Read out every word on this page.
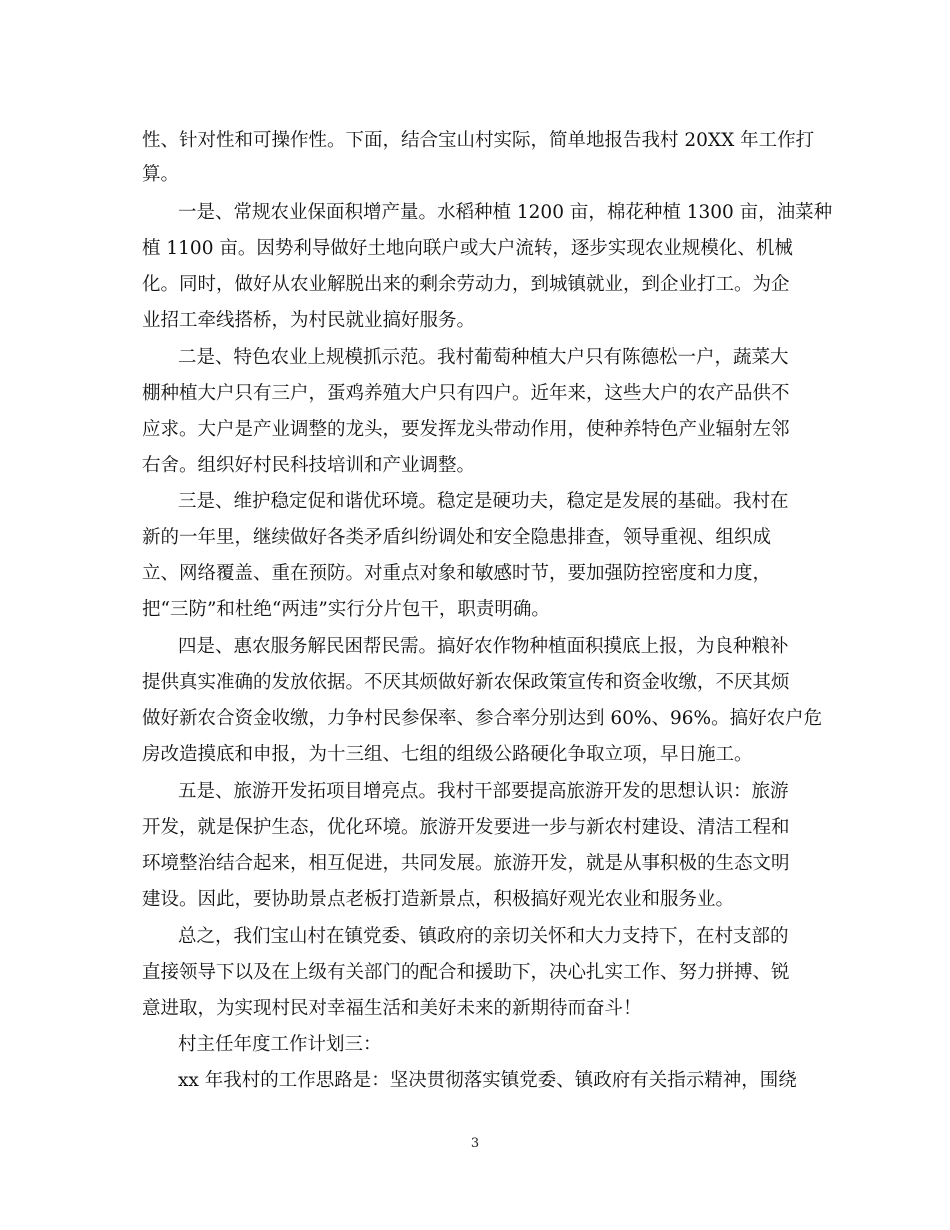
性、针对性和可操作性。下面，结合宝山村实际，简单地报告我村 20XX 年工作打
算。
一是、常规农业保面积增产量。水稻种植 1200 亩，棉花种植 1300 亩，油菜种
植 1100 亩。因势利导做好土地向联户或大户流转，逐步实现农业规模化、机械
化。同时，做好从农业解脱出来的剩余劳动力，到城镇就业，到企业打工。为企
业招工牵线搭桥，为村民就业搞好服务。
二是、特色农业上规模抓示范。我村葡萄种植大户只有陈德松一户，蔬菜大
棚种植大户只有三户，蛋鸡养殖大户只有四户。近年来，这些大户的农产品供不
应求。大户是产业调整的龙头，要发挥龙头带动作用，使种养特色产业辐射左邻
右舍。组织好村民科技培训和产业调整。
三是、维护稳定促和谐优环境。稳定是硬功夫，稳定是发展的基础。我村在
新的一年里，继续做好各类矛盾纠纷调处和安全隐患排查，领导重视、组织成
立、网络覆盖、重在预防。对重点对象和敏感时节，要加强防控密度和力度，
把“三防”和杜绝“两违”实行分片包干，职责明确。
四是、惠农服务解民困帮民需。搞好农作物种植面积摸底上报，为良种粮补
提供真实准确的发放依据。不厌其烦做好新农保政策宣传和资金收缴，不厌其烦
做好新农合资金收缴，力争村民参保率、参合率分别达到 60%、96%。搞好农户危
房改造摸底和申报，为十三组、七组的组级公路硬化争取立项，早日施工。
五是、旅游开发拓项目增亮点。我村干部要提高旅游开发的思想认识：旅游
开发，就是保护生态，优化环境。旅游开发要进一步与新农村建设、清洁工程和
环境整治结合起来，相互促进，共同发展。旅游开发，就是从事积极的生态文明
建设。因此，要协助景点老板打造新景点，积极搞好观光农业和服务业。
总之，我们宝山村在镇党委、镇政府的亲切关怀和大力支持下，在村支部的
直接领导下以及在上级有关部门的配合和援助下，决心扎实工作、努力拼搏、锐
意进取，为实现村民对幸福生活和美好未来的新期待而奋斗！
村主任年度工作计划三：
xx 年我村的工作思路是：坚决贯彻落实镇党委、镇政府有关指示精神，围绕
3
